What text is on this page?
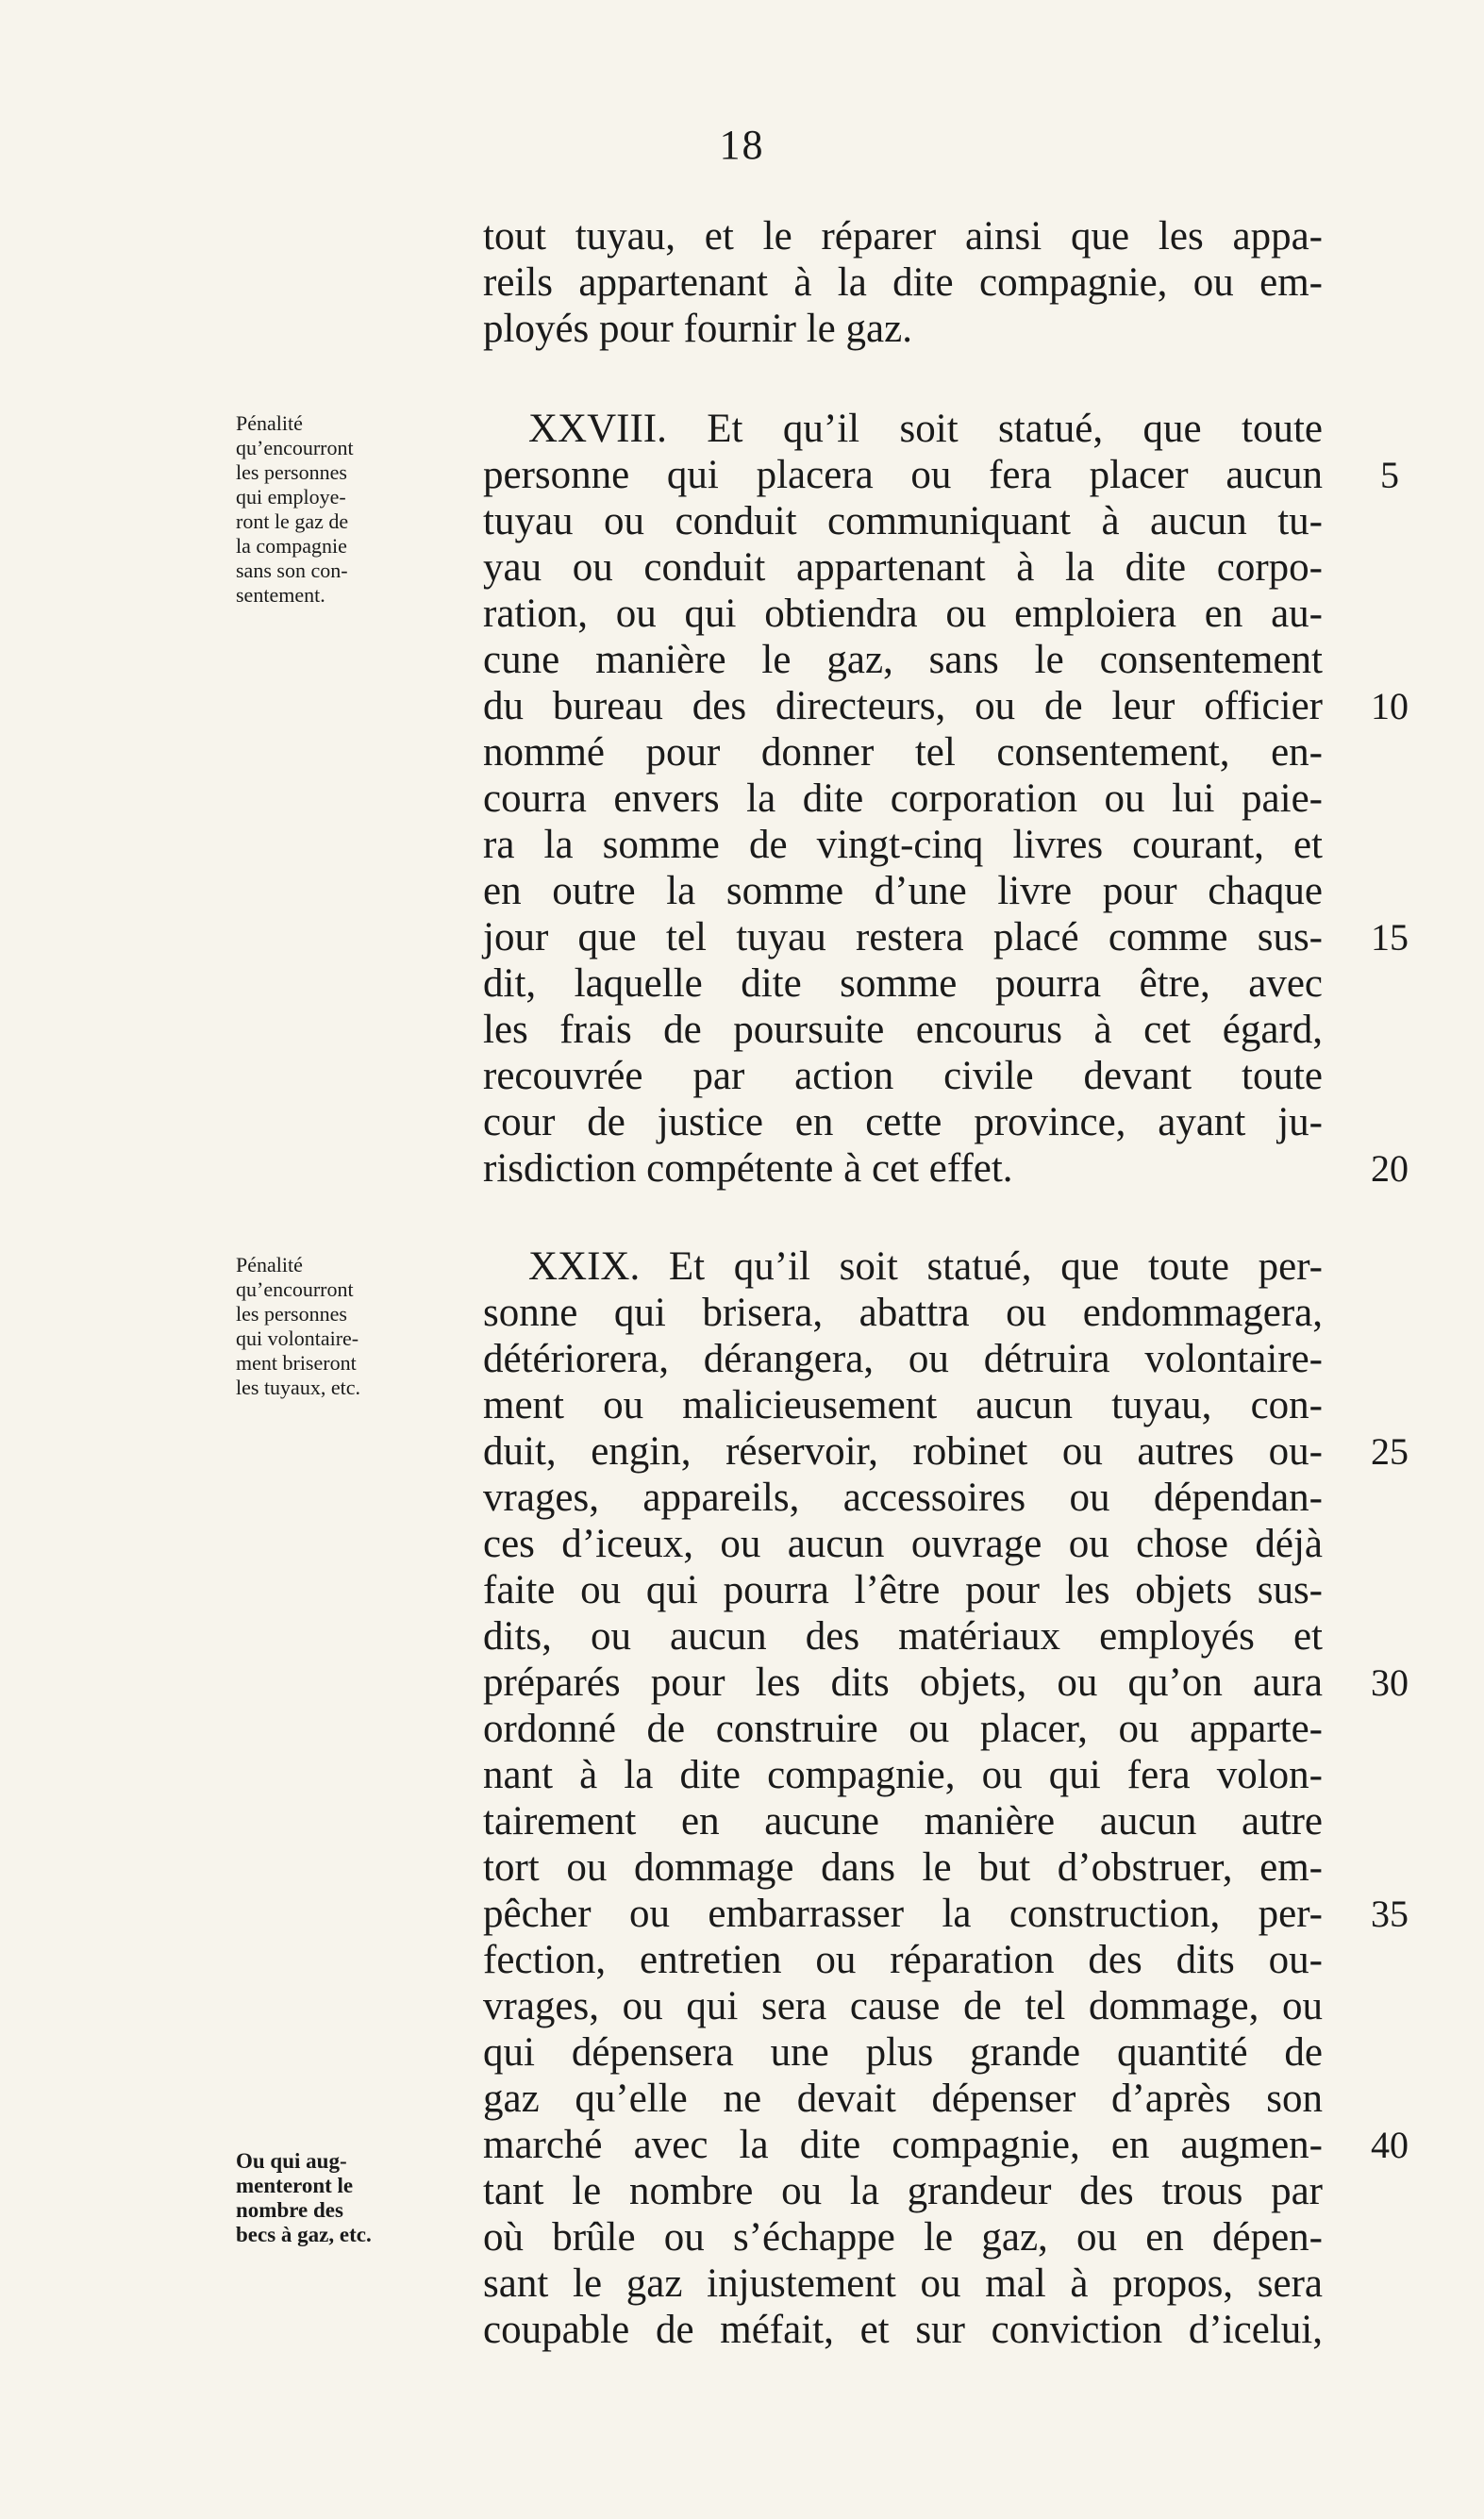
18
tout tuyau, et le réparer ainsi que les appa-
reils appartenant à la dite compagnie, ou em-
ployés pour fournir le gaz.
Pénalité
qu’encourront
les personnes
qui employe-
ront le gaz de
la compagnie
sans son con-
sentement.
XXVIII. Et qu’il soit statué, que toute
personne qui placera ou fera placer aucun
tuyau ou conduit communiquant à aucun tu-
yau ou conduit appartenant à la dite corpo-
ration, ou qui obtiendra ou emploiera en au-
cune manière le gaz, sans le consentement
du bureau des directeurs, ou de leur officier
nommé pour donner tel consentement, en-
courra envers la dite corporation ou lui paie-
ra la somme de vingt-cinq livres courant, et
en outre la somme d’une livre pour chaque
jour que tel tuyau restera placé comme sus-
dit, laquelle dite somme pourra être, avec
les frais de poursuite encourus à cet égard,
recouvrée par action civile devant toute
cour de justice en cette province, ayant ju-
risdiction compétente à cet effet.
Pénalité
qu’encourront
les personnes
qui volontaire-
ment briseront
les tuyaux, etc.
Ou qui aug-
menteront le
nombre des
becs à gaz, etc.
XXIX. Et qu’il soit statué, que toute per-
sonne qui brisera, abattra ou endommagera,
détériorera, dérangera, ou détruira volontaire-
ment ou malicieusement aucun tuyau, con-
duit, engin, réservoir, robinet ou autres ou-
vrages, appareils, accessoires ou dépendan-
ces d’iceux, ou aucun ouvrage ou chose déjà
faite ou qui pourra l’être pour les objets sus-
dits, ou aucun des matériaux employés et
préparés pour les dits objets, ou qu’on aura
ordonné de construire ou placer, ou apparte-
nant à la dite compagnie, ou qui fera volon-
tairement en aucune manière aucun autre
tort ou dommage dans le but d’obstruer, em-
pêcher ou embarrasser la construction, per-
fection, entretien ou réparation des dits ou-
vrages, ou qui sera cause de tel dommage, ou
qui dépensera une plus grande quantité de
gaz qu’elle ne devait dépenser d’après son
marché avec la dite compagnie, en augmen-
tant le nombre ou la grandeur des trous par
où brûle ou s’échappe le gaz, ou en dépen-
sant le gaz injustement ou mal à propos, sera
coupable de méfait, et sur conviction d’icelui,
5
10
15
20
25
30
35
40
